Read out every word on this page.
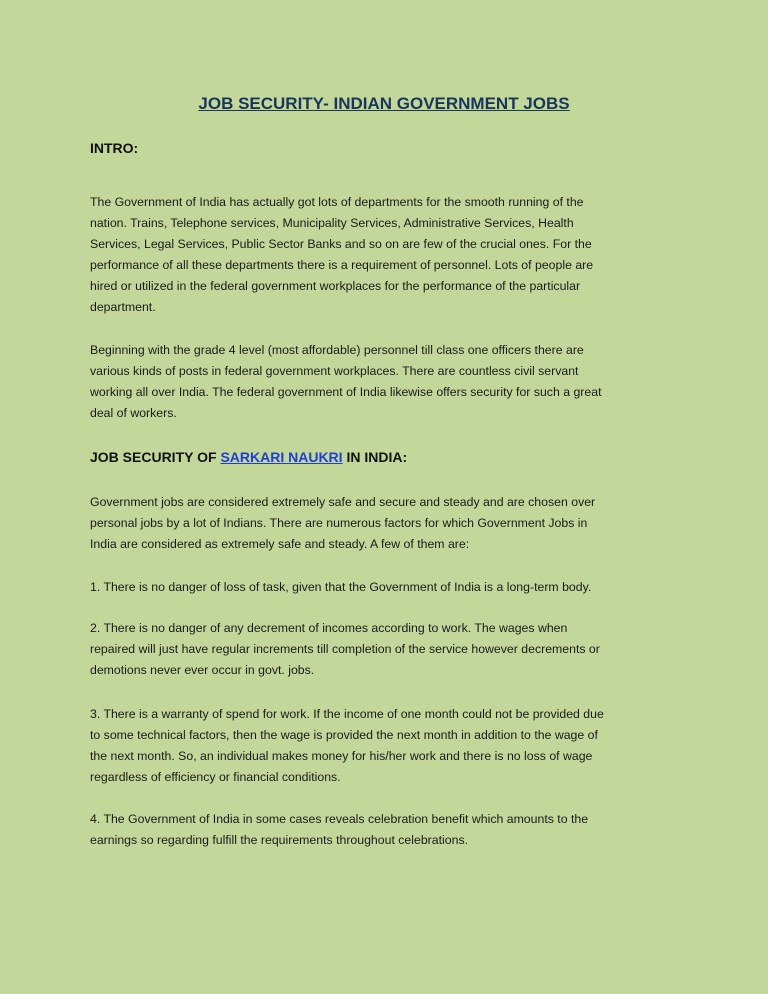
JOB SECURITY- INDIAN GOVERNMENT JOBS
INTRO:
The Government of India has actually got lots of departments for the smooth running of the
nation. Trains, Telephone services, Municipality Services, Administrative Services, Health
Services, Legal Services, Public Sector Banks and so on are few of the crucial ones. For the
performance of all these departments there is a requirement of personnel. Lots of people are
hired or utilized in the federal government workplaces for the performance of the particular
department.
Beginning with the grade 4 level (most affordable) personnel till class one officers there are
various kinds of posts in federal government workplaces. There are countless civil servant
working all over India. The federal government of India likewise offers security for such a great
deal of workers.
JOB SECURITY OF SARKARI NAUKRI IN INDIA:
Government jobs are considered extremely safe and secure and steady and are chosen over
personal jobs by a lot of Indians. There are numerous factors for which Government Jobs in
India are considered as extremely safe and steady. A few of them are:
1. There is no danger of loss of task, given that the Government of India is a long-term body.
2. There is no danger of any decrement of incomes according to work. The wages when
repaired will just have regular increments till completion of the service however decrements or
demotions never ever occur in govt. jobs.
3. There is a warranty of spend for work. If the income of one month could not be provided due
to some technical factors, then the wage is provided the next month in addition to the wage of
the next month. So, an individual makes money for his/her work and there is no loss of wage
regardless of efficiency or financial conditions.
4. The Government of India in some cases reveals celebration benefit which amounts to the
earnings so regarding fulfill the requirements throughout celebrations.
